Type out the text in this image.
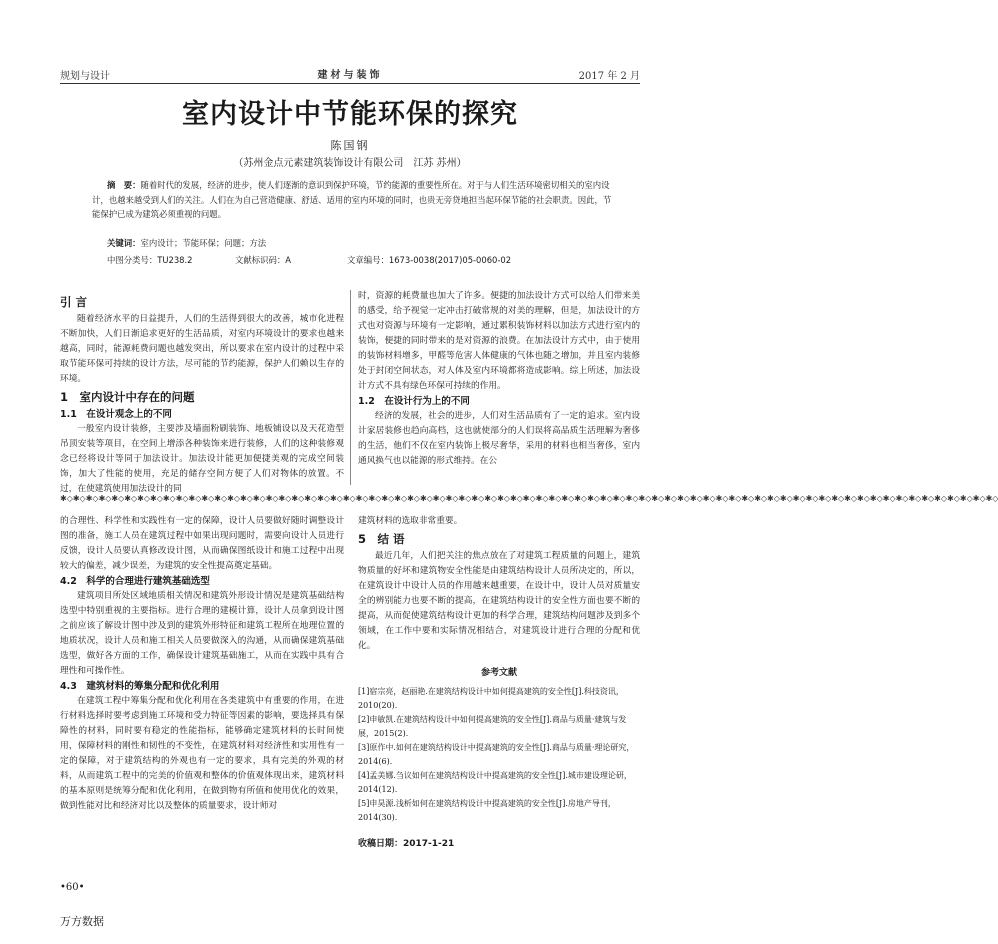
规划与设计	建材与装饰	2017 年 2 月
室内设计中节能环保的探究
陈国钢
（苏州金点元素建筑装饰设计有限公司　江苏 苏州）
摘　要：随着时代的发展，经济的进步，使人们逐渐的意识到保护环境，节约能源的重要性所在。对于与人们生活环境密切相关的室内设计，也越来越受到人们的关注。人们在为自己营造健康、舒适、适用的室内环境的同时，也贵无旁贷地担当起环保节能的社会职责。因此，节能保护已成为建筑必须重视的问题。
关键词：室内设计；节能环保；问题；方法
中图分类号：TU238.2	文献标识码：A	文章编号：1673-0038(2017)05-0060-02
引 言

随着经济水平的日益提升，人们的生活得到很大的改善，城市化进程不断加快，人们日渐追求更好的生活品质，对室内环境设计的要求也越来越高，同时，能源耗费问题也越发突出，所以要求在室内设计的过程中采取节能环保可持续的设计方法，尽可能的节约能源，保护人们赖以生存的环境。

1　室内设计中存在的问题
1.1　在设计观念上的不同

一般室内设计装修，主要涉及墙面粉刷装饰、地板铺设以及天花造型吊顶安装等项目，在空间上增添各种装饰来进行装修，人们的这种装修观念已经将设计等同于加法设计。加法设计能更加便捷美观的完成空间装饰，加大了性能的使用，充足的储存空间方便了人们对物体的放置。不过，在使建筑使用加法设计的同

时，资源的耗费量也加大了许多。便捷的加法设计方式可以给人们带来美的感受，给予视觉一定冲击打破常规的对美的理解，但是，加法设计的方式也对资源与环境有一定影响，通过累积装饰材料以加法方式进行室内的装饰，便捷的同时带来的是对资源的浪费。在加法设计方式中，由于使用的装饰材料增多，甲醛等危害人体健康的气体也随之增加，并且室内装修处于封闭空间状态，对人体及室内环境都将造成影响。综上所述，加法设计方式不具有绿色环保可持续的作用。

1.2　在设计行为上的不同

经济的发展，社会的进步，人们对生活品质有了一定的追求。室内设计家居装修也趋向高档，这也就使部分的人们误将高品质生活理解为奢侈的生活，他们不仅在室内装饰上极尽奢华，采用的材料也相当奢侈，室内通风换气也以能源的形式维持。在公

✱◇✱◇✱◇✱◇✱◇✱◇✱◇✱◇✱◇✱◇✱◇✱◇✱◇✱◇✱◇✱◇✱◇✱◇✱◇✱◇✱◇✱◇✱◇✱◇✱◇✱◇✱◇✱◇✱◇✱◇✱◇✱◇✱◇✱◇✱◇✱◇✱◇✱◇✱◇✱◇✱◇✱◇✱◇✱◇✱◇✱◇✱◇✱◇✱◇✱◇✱◇✱◇✱◇✱◇✱◇✱◇✱◇✱◇✱◇✱◇✱◇✱◇✱◇✱◇✱◇✱◇✱◇✱◇✱◇✱◇✱◇✱◇✱◇

的合理性、科学性和实践性有一定的保障，设计人员要做好随时调整设计图的准备，施工人员在建筑过程中如果出现问题时，需要向设计人员进行反馈，设计人员要认真修改设计图，从而确保图纸设计和施工过程中出现较大的偏差，减少误差，为建筑的安全性提高奠定基础。

4.2　科学的合理进行建筑基础选型

建筑项目所处区域地质相关情况和建筑外形设计情况是建筑基础结构选型中特别重视的主要指标。进行合理的建模计算，设计人员拿到设计图之前应该了解设计图中涉及到的建筑外形特征和建筑工程所在地理位置的地质状况，设计人员和施工相关人员要做深入的沟通，从而确保建筑基础选型，做好各方面的工作，确保设计建筑基础施工，从而在实践中具有合理性和可操作性。

4.3　建筑材料的筹集分配和优化利用

在建筑工程中筹集分配和优化利用在各类建筑中有重要的作用，在进行材料选择时要考虑到施工环境和受力特征等因素的影响，要选择具有保障性的材料，同时要有稳定的性能指标，能够确定建筑材料的长时间使用，保障材料的刚性和韧性的不变性，在建筑材料对经济性和实用性有一定的保障，对于建筑结构的外观也有一定的要求，具有完美的外观的材料，从而建筑工程中的完美的价值观和整体的价值观体现出来，建筑材料的基本原则是统筹分配和优化利用，在做到物有所值和使用优化的效果，做到性能对比和经济对比以及整体的质量要求，设计师对

建筑材料的选取非常重要。

5　结 语

最近几年，人们把关注的焦点放在了对建筑工程质量的问题上，建筑物质量的好坏和建筑物安全性能是由建筑结构设计人员所决定的，所以，在建筑设计中设计人员的作用越来越重要，在设计中，设计人员对质量安全的辨别能力也要不断的提高，在建筑结构设计的安全性方面也要不断的提高，从而促使建筑结构设计更加的科学合理，建筑结构问题涉及到多个领域，在工作中要和实际情况相结合，对建筑设计进行合理的分配和优化。

参考文献
[1]宿宗亮，赵丽艳.在建筑结构设计中如何提高建筑的安全性[J].科技资讯，2010(20).
[2]申敏凯.在建筑结构设计中如何提高建筑的安全性[J].商品与质量·建筑与发展，2015(2).
[3]原作中.如何在建筑结构设计中提高建筑的安全性[J].商品与质量·理论研究，2014(6).
[4]孟美娜.刍议如何在建筑结构设计中提高建筑的安全性[J].城市建设理论研，2014(12).
[5]申昊源.浅析如何在建筑结构设计中提高建筑的安全性[J].房地产导刊，2014(30).
收稿日期：2017-1-21
•60•
万方数据
